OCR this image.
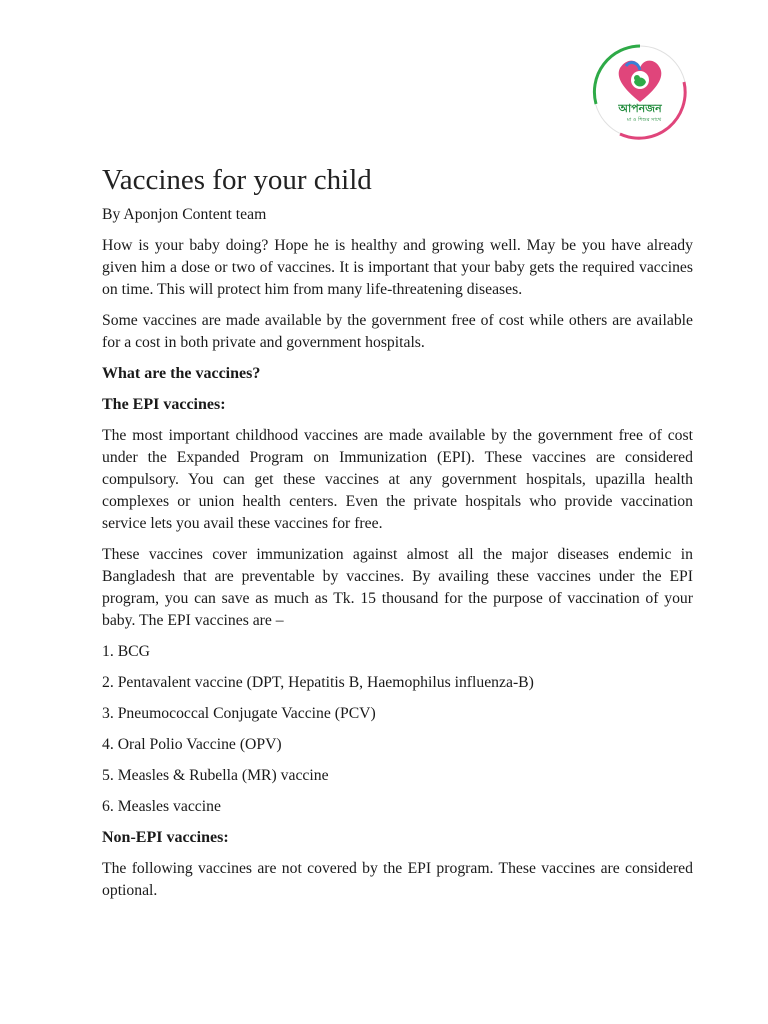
আপনজন
মা ও শিশুর সাথে
Vaccines for your child

By Aponjon Content team

How is your baby doing? Hope he is healthy and growing well. May be you have already given him a dose or two of vaccines. It is important that your baby gets the required vaccines on time. This will protect him from many life-threatening diseases.

Some vaccines are made available by the government free of cost while others are available for a cost in both private and government hospitals.

What are the vaccines?

The EPI vaccines:

The most important childhood vaccines are made available by the government free of cost under the Expanded Program on Immunization (EPI). These vaccines are considered compulsory. You can get these vaccines at any government hospitals, upazilla health complexes or union health centers. Even the private hospitals who provide vaccination service lets you avail these vaccines for free.

These vaccines cover immunization against almost all the major diseases endemic in Bangladesh that are preventable by vaccines. By availing these vaccines under the EPI program, you can save as much as Tk. 15 thousand for the purpose of vaccination of your baby. The EPI vaccines are –

1. BCG

2. Pentavalent vaccine (DPT, Hepatitis B, Haemophilus influenza-B)

3. Pneumococcal Conjugate Vaccine (PCV)

4. Oral Polio Vaccine (OPV)

5. Measles & Rubella (MR) vaccine

6. Measles vaccine

Non-EPI vaccines:

The following vaccines are not covered by the EPI program. These vaccines are considered optional.
